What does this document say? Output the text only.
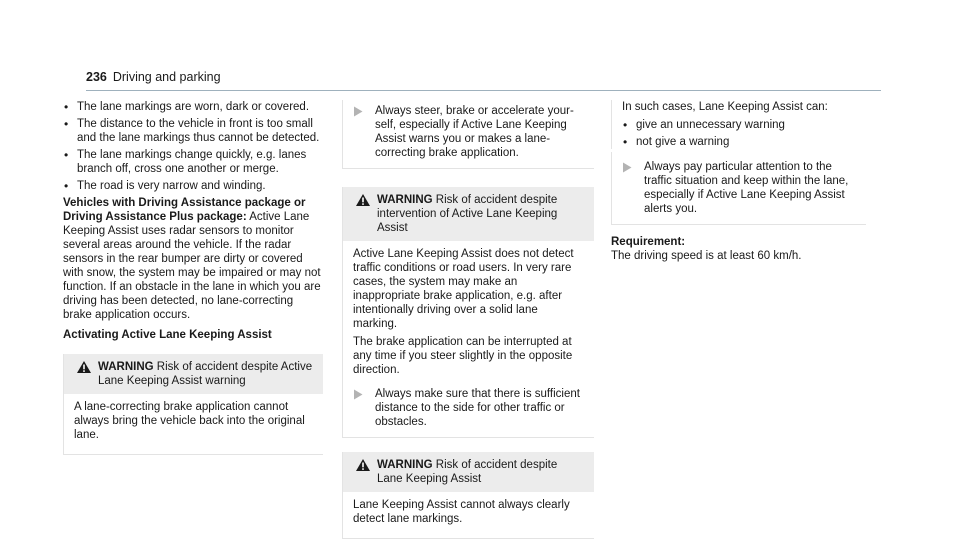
236 Driving and parking
• The lane markings are worn, dark or covered.
• The distance to the vehicle in front is too small and the lane markings thus cannot be detected.
• The lane markings change quickly, e.g. lanes branch off, cross one another or merge.
• The road is very narrow and winding.

Vehicles with Driving Assistance package or Driving Assistance Plus package: Active Lane Keeping Assist uses radar sensors to monitor several areas around the vehicle. If the radar sensors in the rear bumper are dirty or covered with snow, the system may be impaired or may not function. If an obstacle in the lane in which you are driving has been detected, no lane-correcting brake application occurs.

Activating Active Lane Keeping Assist

WARNING Risk of accident despite Active Lane Keeping Assist warning

A lane-correcting brake application cannot always bring the vehicle back into the original lane.

Always steer, brake or accelerate your-self, especially if Active Lane Keeping Assist warns you or makes a lane-correcting brake application.
WARNING Risk of accident despite intervention of Active Lane Keeping Assist

Active Lane Keeping Assist does not detect traffic conditions or road users. In very rare cases, the system may make an inappropriate brake application, e.g. after intentionally driving over a solid lane marking.

The brake application can be interrupted at any time if you steer slightly in the opposite direction.

Always make sure that there is sufficient distance to the side for other traffic or obstacles.
WARNING Risk of accident despite Lane Keeping Assist

Lane Keeping Assist cannot always clearly detect lane markings.

In such cases, Lane Keeping Assist can:

• give an unnecessary warning
• not give a warning
Always pay particular attention to the traffic situation and keep within the lane, especially if Active Lane Keeping Assist alerts you.

Requirement:

The driving speed is at least 60 km/h.
